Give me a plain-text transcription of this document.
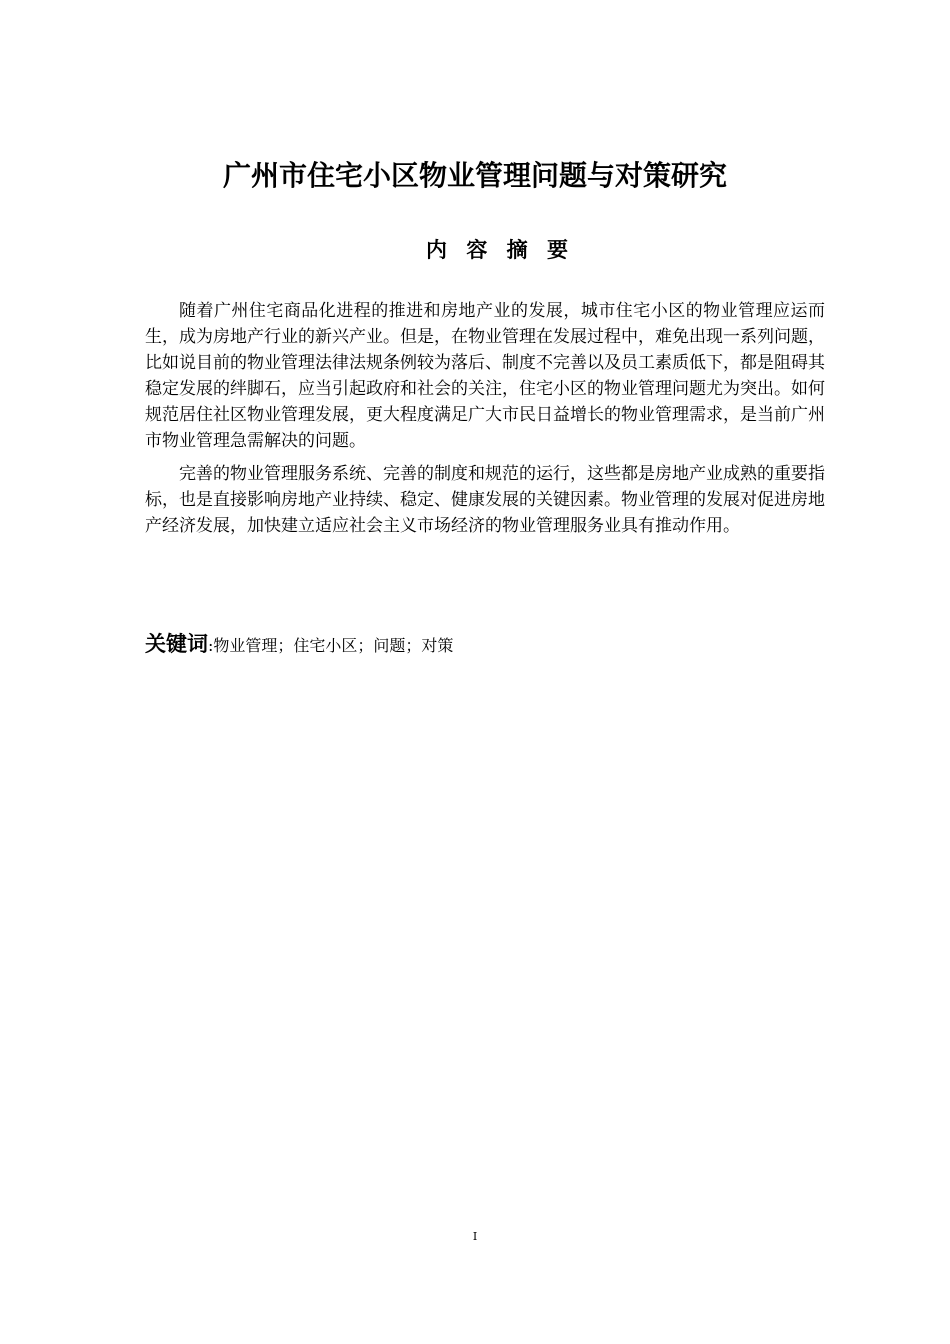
广州市住宅小区物业管理问题与对策研究
内 容 摘 要

随着广州住宅商品化进程的推进和房地产业的发展，城市住宅小区的物业管理应运而生，成为房地产行业的新兴产业。但是，在物业管理在发展过程中，难免出现一系列问题，比如说目前的物业管理法律法规条例较为落后、制度不完善以及员工素质低下，都是阻碍其稳定发展的绊脚石，应当引起政府和社会的关注，住宅小区的物业管理问题尤为突出。如何规范居住社区物业管理发展，更大程度满足广大市民日益增长的物业管理需求，是当前广州市物业管理急需解决的问题。

完善的物业管理服务系统、完善的制度和规范的运行，这些都是房地产业成熟的重要指标，也是直接影响房地产业持续、稳定、健康发展的关键因素。物业管理的发展对促进房地产经济发展，加快建立适应社会主义市场经济的物业管理服务业具有推动作用。

关键词:物业管理；住宅小区；问题；对策
I
